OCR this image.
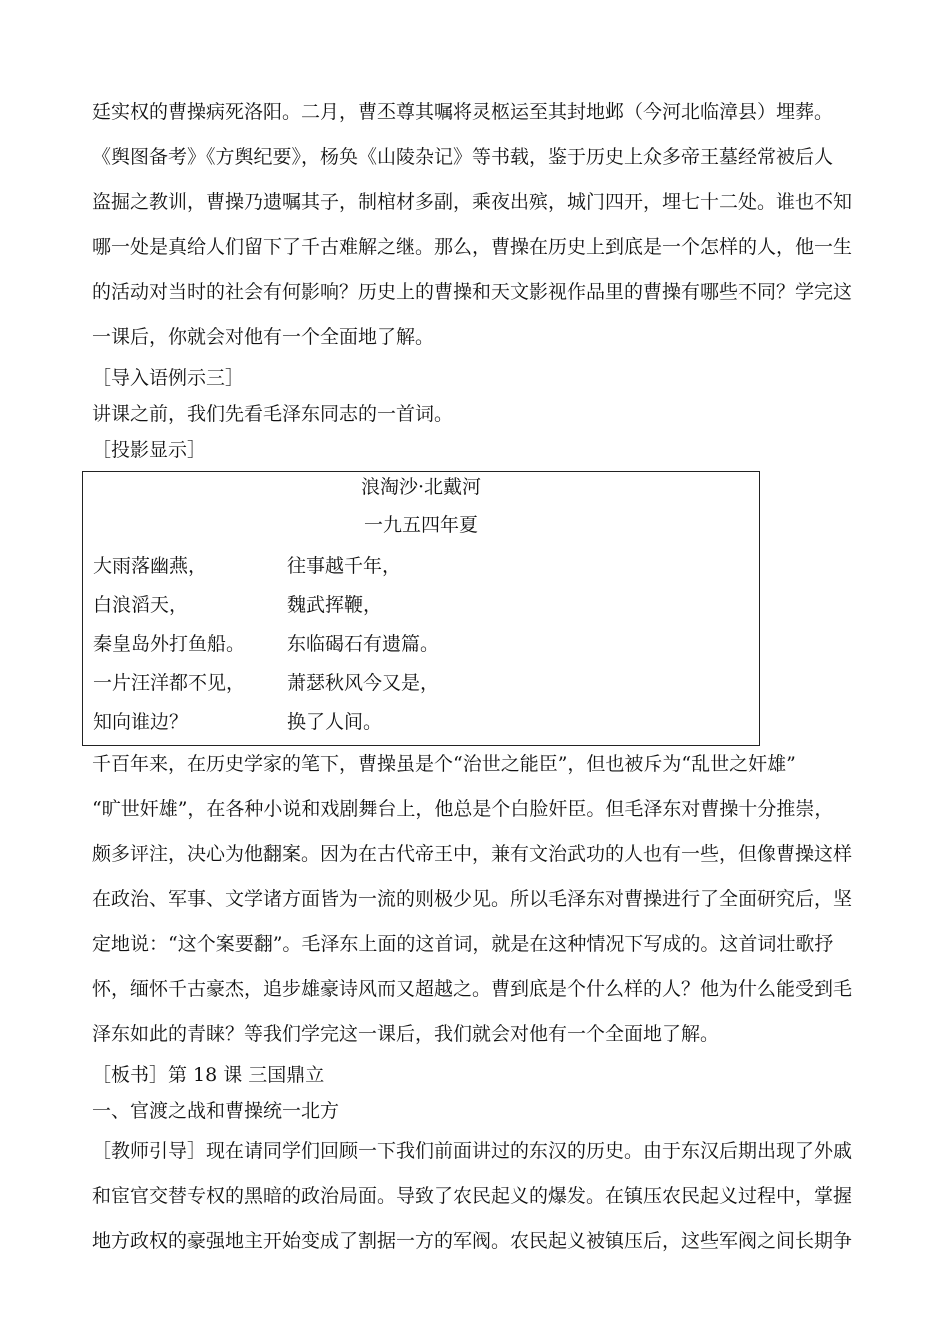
廷实权的曹操病死洛阳。二月，曹丕尊其嘱将灵柩运至其封地邺（今河北临漳县）埋葬。

《舆图备考》《方舆纪要》，杨奂《山陵杂记》等书载，鉴于历史上众多帝王墓经常被后人

盗掘之教训，曹操乃遗嘱其子，制棺材多副，乘夜出殡，城门四开，埋七十二处。谁也不知

哪一处是真给人们留下了千古难解之继。那么，曹操在历史上到底是一个怎样的人，他一生

的活动对当时的社会有何影响？历史上的曹操和天文影视作品里的曹操有哪些不同？学完这

一课后，你就会对他有一个全面地了解。

［导入语例示三］

讲课之前，我们先看毛泽东同志的一首词。

［投影显示］

浪淘沙·北戴河
一九五四年夏
大雨落幽燕，	往事越千年，
白浪滔天，	魏武挥鞭，
秦皇岛外打鱼船。 东临碣石有遗篇。
一片汪洋都不见， 萧瑟秋风今又是，
知向谁边？	换了人间。

千百年来，在历史学家的笔下，曹操虽是个“治世之能臣”，但也被斥为“乱世之奸雄”

“旷世奸雄”，在各种小说和戏剧舞台上，他总是个白脸奸臣。但毛泽东对曹操十分推崇，

颇多评注，决心为他翻案。因为在古代帝王中，兼有文治武功的人也有一些，但像曹操这样

在政治、军事、文学诸方面皆为一流的则极少见。所以毛泽东对曹操进行了全面研究后，坚

定地说：“这个案要翻”。毛泽东上面的这首词，就是在这种情况下写成的。这首词壮歌抒

怀，缅怀千古豪杰，追步雄豪诗风而又超越之。曹到底是个什么样的人？他为什么能受到毛

泽东如此的青睐？等我们学完这一课后，我们就会对他有一个全面地了解。

［板书］第 18 课 三国鼎立

一、官渡之战和曹操统一北方

［教师引导］现在请同学们回顾一下我们前面讲过的东汉的历史。由于东汉后期出现了外戚

和宦官交替专权的黑暗的政治局面。导致了农民起义的爆发。在镇压农民起义过程中，掌握

地方政权的豪强地主开始变成了割据一方的军阀。农民起义被镇压后，这些军阀之间长期争
